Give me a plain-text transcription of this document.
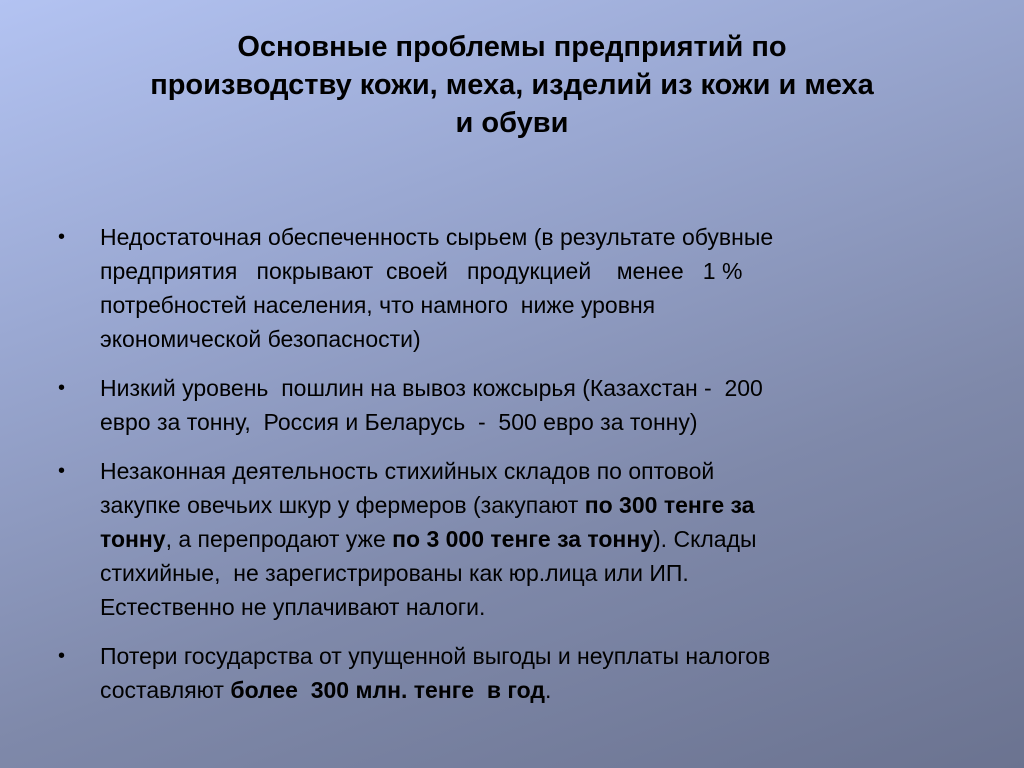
Основные проблемы предприятий по
производству кожи, меха, изделий из кожи и меха
и обуви
• Недостаточная обеспеченность сырьем (в результате обувные
предприятия   покрывают  своей   продукцией    менее   1 %
потребностей населения, что намного  ниже уровня
экономической безопасности)
• Низкий уровень  пошлин на вывоз кожсырья (Казахстан -  200
евро за тонну,  Россия и Беларусь  -  500 евро за тонну)
• Незаконная деятельность стихийных складов по оптовой
закупке овечьих шкур у фермеров (закупают по 300 тенге за
тонну, а перепродают уже по 3 000 тенге за тонну). Склады
стихийные,  не зарегистрированы как юр.лица или ИП.
Естественно не уплачивают налоги.
• Потери государства от упущенной выгоды и неуплаты налогов
составляют более  300 млн. тенге  в год.
